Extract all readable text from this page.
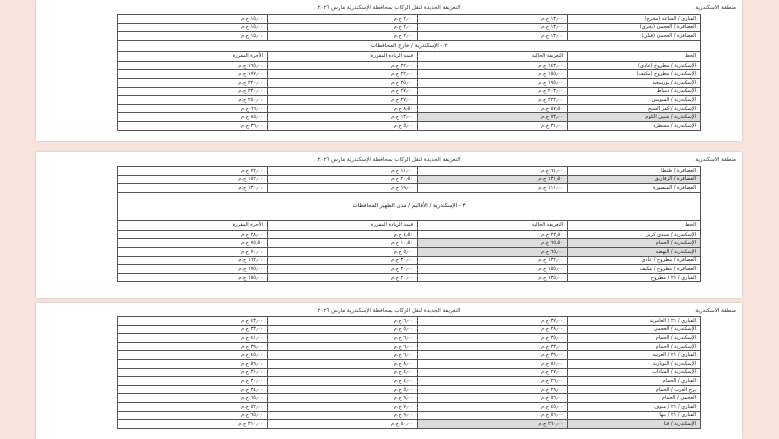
منطقة الاسكندرية
التعريفة الجديدة لنقل الركاب بمحافظة الإسكندرية مارس ٢٠٢٦
١٥٫٠٠ ج.م	٢٫٠٠ ج.م	١٣٫٠٠ ج.م	القباري / الساعة (مخرج)
١٥٫٠٠ ج.م	٢٫٠٠ ج.م	١٣٫٠٠ ج.م	العصافرة / العجمي (بحري)
١٥٫٠٠ ج.م	٢٫٠٠ ج.م	١٣٫٠٠ ج.م	العصافرة / العجمي (قبلي)
٢ - الإسكندرية / خارج المحافظات			
الأجرة المقررة	قيمة الزيادة المقررة	التعريفة الحالية	الخط
١٦٥٫٠٠ ج.م	٢٢٫٠٠ ج.م	١٤٣٫٠٠ ج.م	الإسكندرية / مطروح (عادي)
١٧٧٫٠٠ ج.م	٢٢٫٠٠ ج.م	١٥٥٫٠٠ ج.م	الإسكندرية / مطروح (مكيف)
٢٢٠٫٠٠ ج.م	٢٥٫٠٠ ج.م	١٩٥٫٠٠ ج.م	الإسكندرية / بورسعيد
٢٣٠٫٠٠ ج.م	٢٧٫٠٠ ج.م	٢٠٣٫٠٠ ج.م	الإسكندرية / دمياط
٢٥٠٫٠٠ ج.م	٢٧٫٠٠ ج.م	٢٢٣٫٠٠ ج.م	الإسكندرية / السويس
٦٦٫٠٠ ج.م	٨٫٥٠ ج.م	٥٧٫٥٠ ج.م	الإسكندرية / كفر الشيخ
٨٥٫٠٠ ج.م	١٣٫٠٠ ج.م	٧٣٫٠٠ ج.م	الإسكندرية / شبين الكوم
٣٦٫٠٠ ج.م	٥٫٠٠ ج.م	٣١٫٠٠ ج.م	الإسكندرية / مسطرد
منطقة الاسكندرية
التعريفة الجديدة لنقل الركاب بمحافظة الإسكندرية مارس ٢٠٢٦
٧٢٫٠٠ ج.م	١١٫٠٠ ج.م	٦١٫٠٠ ج.م	العصافرة / طنطا
١٥٢٫٠٠ ج.م	٢٠٫٥٠ ج.م	١٣١٫٥٠ ج.م	العصافرة / الزقازيق
١٣٠٫٠٠ ج.م	١٩٫٠٠ ج.م	١١١٫٠٠ ج.م	العصافرة / المنصورة
٣ - الإسكندرية / الأقاليم / مدن الظهير المحافظات			
الأجرة المقررة	قيمة الزيادة المقررة	التعريفة الحالية	الخط
٢٨٫٠٠ ج.م	٤٫٥٠ ج.م	٢٣٫٥٠ ج.م	الإسكندرية / سيدي كرير
٧٥٫٥٠ ج.م	١٠٫٥٠ ج.م	٦٥٫٥٠ ج.م	الإسكندرية / الحمام
٧٠٫٠٠ ج.م	٥٫٠٠ ج.م	٦٥٫٠٠ ج.م	الإسكندرية / النهضة
١٦٢٫٠٠ ج.م	٣٠٫٠٠ ج.م	١٣٢٫٠٠ ج.م	العصافرة / مطروح / عادي
١٧٥٫٠٠ ج.م	٢٠٫٠٠ ج.م	١٥٥٫٠٠ ج.م	العصافرة / مطروح / مكيف
١٥٥٫٠٠ ج.م	٢٠٫٠٠ ج.م	١٣٥٫٠٠ ج.م	القباري / ٢١ / مطروح
منطقة الاسكندرية
التعريفة الجديدة لنقل الركاب بمحافظة الإسكندرية مارس ٢٠٢٦
٤٣٫٠٠ ج.م	٦٫٠٠ ج.م	٣٧٫٠٠ ج.م	القباري / ٢١ / العامرية
٣٣٫٠٠ ج.م	٥٫٠٠ ج.م	٢٨٫٠٠ ج.م	الإسكندرية / العجمي
٤١٫٠٠ ج.م	٦٫٠٠ ج.م	٣٥٫٠٠ ج.م	الإسكندرية / الحمام
٣٩٫٠٠ ج.م	٦٫٠٠ ج.م	٣٣٫٠٠ ج.م	الإسكندرية / الحمام
٤٥٫٠٠ ج.م	٦٫٠٠ ج.م	٣٩٫٠٠ ج.م	القباري / ٢١ / الغربية
٥٩٫٠٠ ج.م	٨٫٠٠ ج.م	٥١٫٠٠ ج.م	الإسكندرية / النوبارية
٣١٫٠٠ ج.م	٤٫٠٠ ج.م	٢٧٫٠٠ ج.م	الإسكندرية / السادات
٣٠٫٠٠ ج.م	٤٫٠٠ ج.م	٢٦٫٠٠ ج.م	القباري / الحمام
٣٤٫٠٠ ج.م	٥٫٠٠ ج.م	٢٩٫٠٠ ج.م	برج العرب / الحمام
٦٥٫٠٠ ج.م	٩٫٠٠ ج.م	٥٦٫٠٠ ج.م	العجمي / الحمام
٥٢٫٠٠ ج.م	٧٫٠٠ ج.م	٤٥٫٠٠ ج.م	القباري / ٢١ / منوف
٦٥٫٠٠ ج.م	٩٫٠٠ ج.م	٥٦٫٠٠ ج.م	القباري / ٢١ / بنها
٣١٠٫٠٠ ج.م	٥٠٫٠٠ ج.م	٢٦٠٫٠٠ ج.م	الإسكندرية / قنا
